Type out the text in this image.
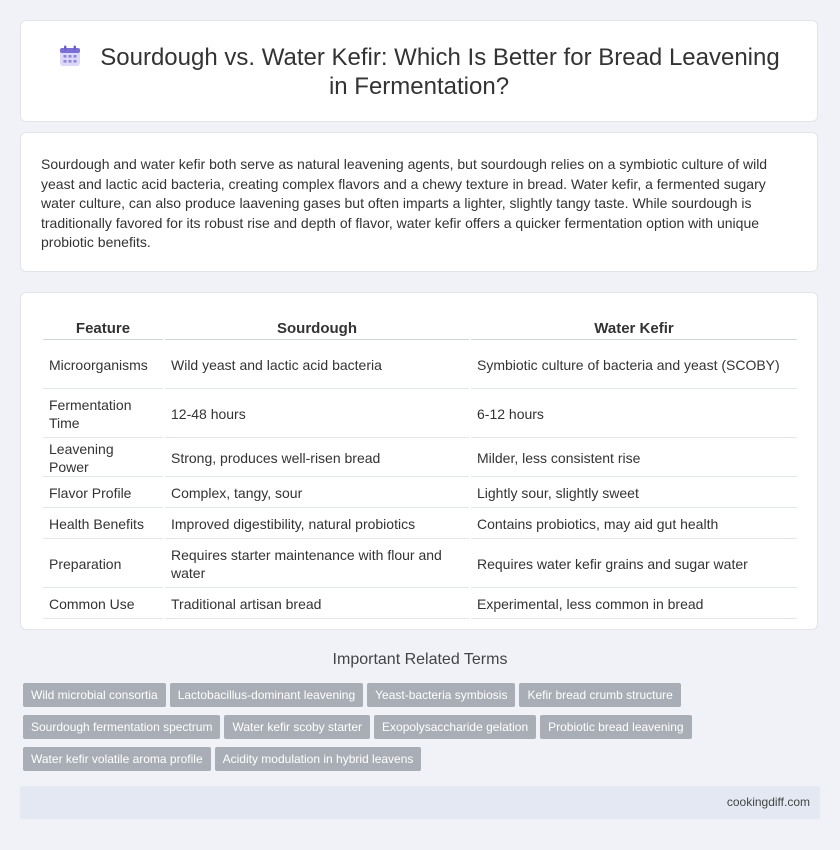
Sourdough vs. Water Kefir: Which Is Better for Bread Leavening in Fermentation?

Sourdough and water kefir both serve as natural leavening agents, but sourdough relies on a symbiotic culture of wild yeast and lactic acid bacteria, creating complex flavors and a chewy texture in bread. Water kefir, a fermented sugary water culture, can also produce laavening gases but often imparts a lighter, slightly tangy taste. While sourdough is traditionally favored for its robust rise and depth of flavor, water kefir offers a quicker fermentation option with unique probiotic benefits.

Feature	Sourdough	Water Kefir
Microorganisms	Wild yeast and lactic acid bacteria	Symbiotic culture of bacteria and yeast (SCOBY)
Fermentation Time	12-48 hours	6-12 hours
Leavening Power	Strong, produces well-risen bread	Milder, less consistent rise
Flavor Profile	Complex, tangy, sour	Lightly sour, slightly sweet
Health Benefits	Improved digestibility, natural probiotics	Contains probiotics, may aid gut health
Preparation	Requires starter maintenance with flour and water	Requires water kefir grains and sugar water
Common Use	Traditional artisan bread	Experimental, less common in bread
Important Related Terms
Wild microbial consortia Lactobacillus-dominant leavening Yeast-bacteria symbiosis Kefir bread crumb structureSourdough fermentation spectrum Water kefir scoby starter Exopolysaccharide gelation Probiotic bread leaveningWater kefir volatile aroma profile Acidity modulation in hybrid leavens
cookingdiff.com
